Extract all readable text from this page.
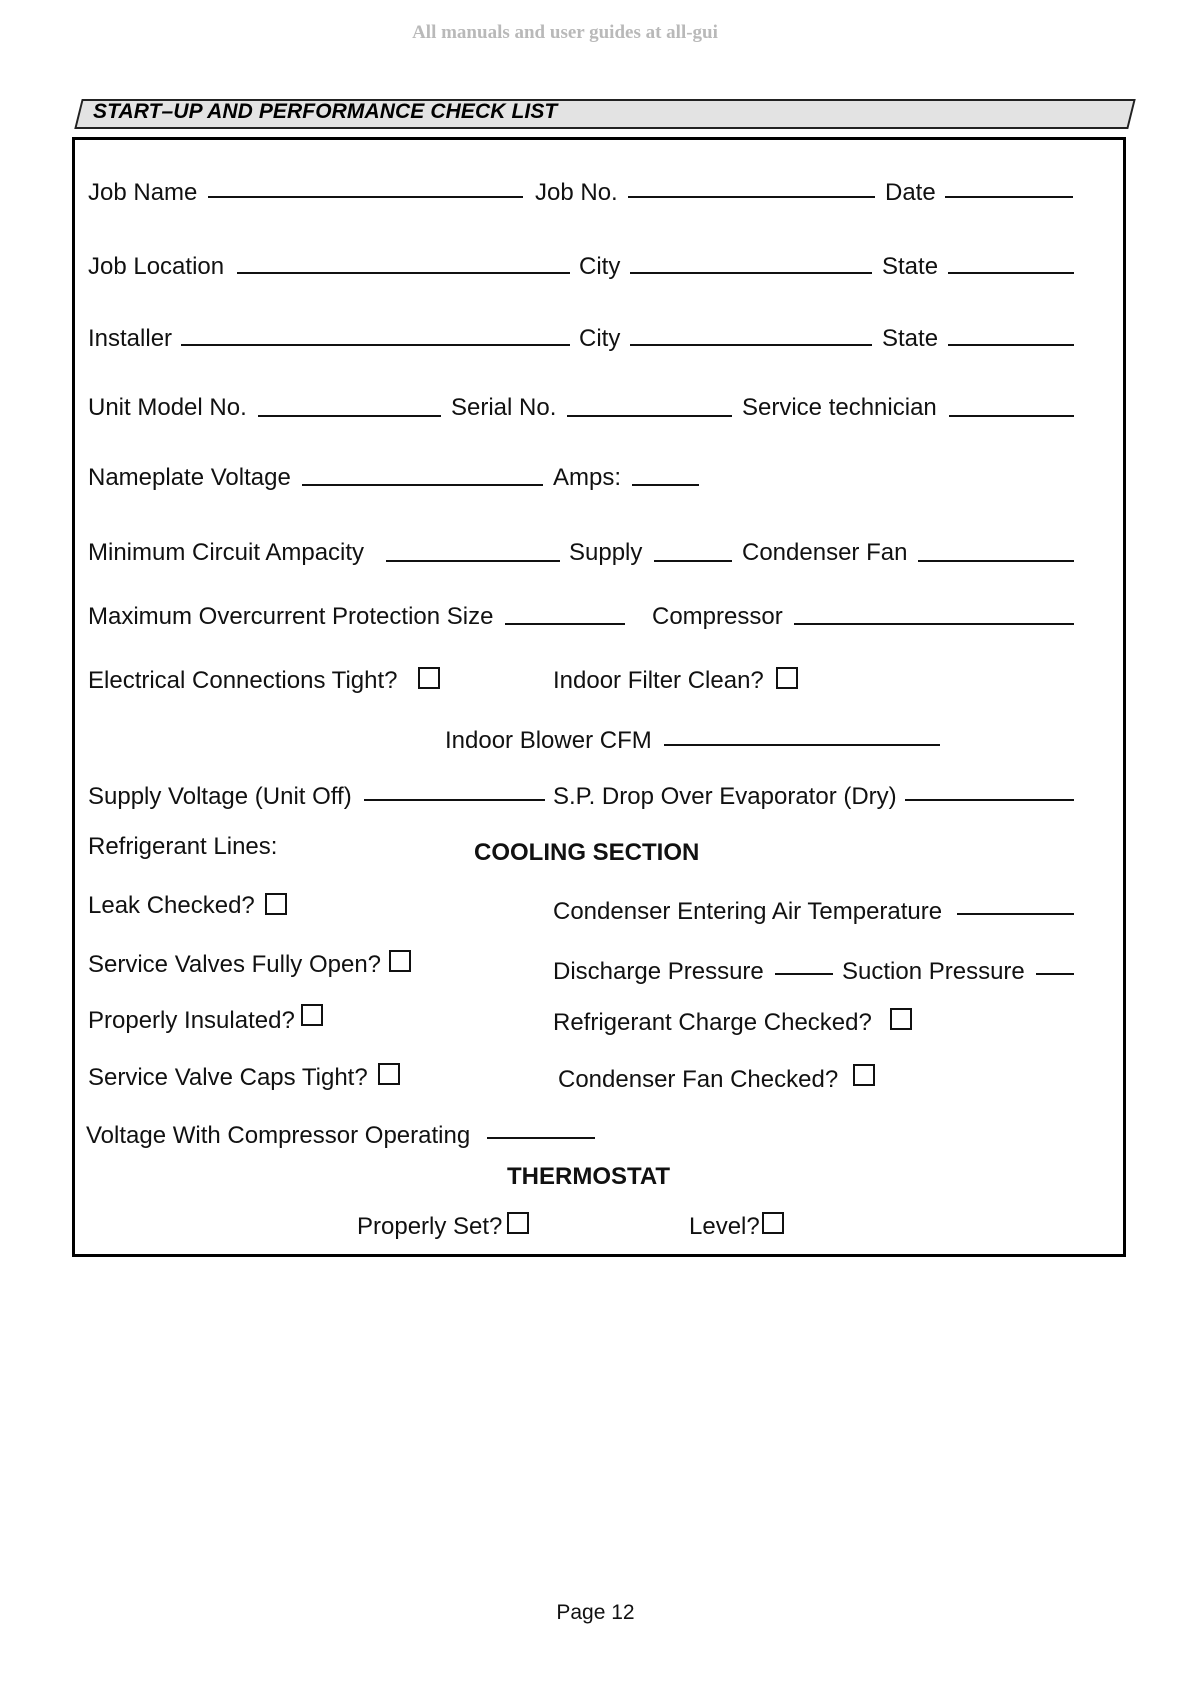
All manuals and user guides at all-gui
START–UP AND PERFORMANCE CHECK LIST
Job Name	Job No.	Date
Job Location	City	State
Installer	City	State
Unit Model No.	Serial No.	Service technician
Nameplate Voltage	Amps:
Minimum Circuit Ampacity	Supply	Condenser Fan
Maximum Overcurrent Protection Size	Compressor
Electrical Connections Tight?	Indoor Filter Clean?
Indoor Blower CFM
Supply Voltage (Unit Off)	S.P. Drop Over Evaporator (Dry)
Refrigerant Lines:	COOLING SECTION
Leak Checked?	Condenser Entering Air Temperature
Service Valves Fully Open?	Discharge Pressure	Suction Pressure
Properly Insulated?	Refrigerant Charge Checked?
Service Valve Caps Tight?	Condenser Fan Checked?
Voltage With Compressor Operating
THERMOSTAT
Properly Set?	Level?
Page 12
